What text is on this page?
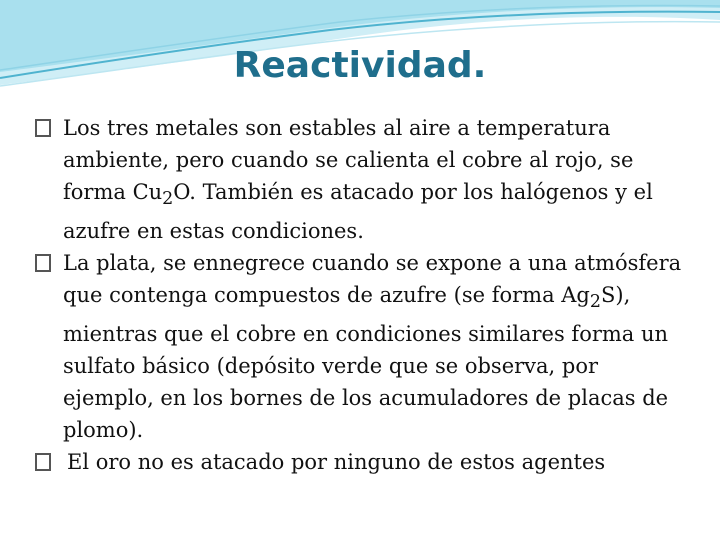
Reactividad.

Los tres metales son estables al aire a temperatura ambiente, pero cuando se calienta el cobre al rojo, se forma $Cu_2O$. También es atacado por los halógenos y el azufre en estas condiciones.

La plata, se ennegrece cuando se expone a una atmósfera que contenga compuestos de azufre (se forma $Ag_2S$), mientras que el cobre en condiciones similares forma un sulfato básico (depósito verde que se observa, por ejemplo, en los bornes de los acumuladores de placas de plomo).

El oro no es atacado por ninguno de estos agentes
